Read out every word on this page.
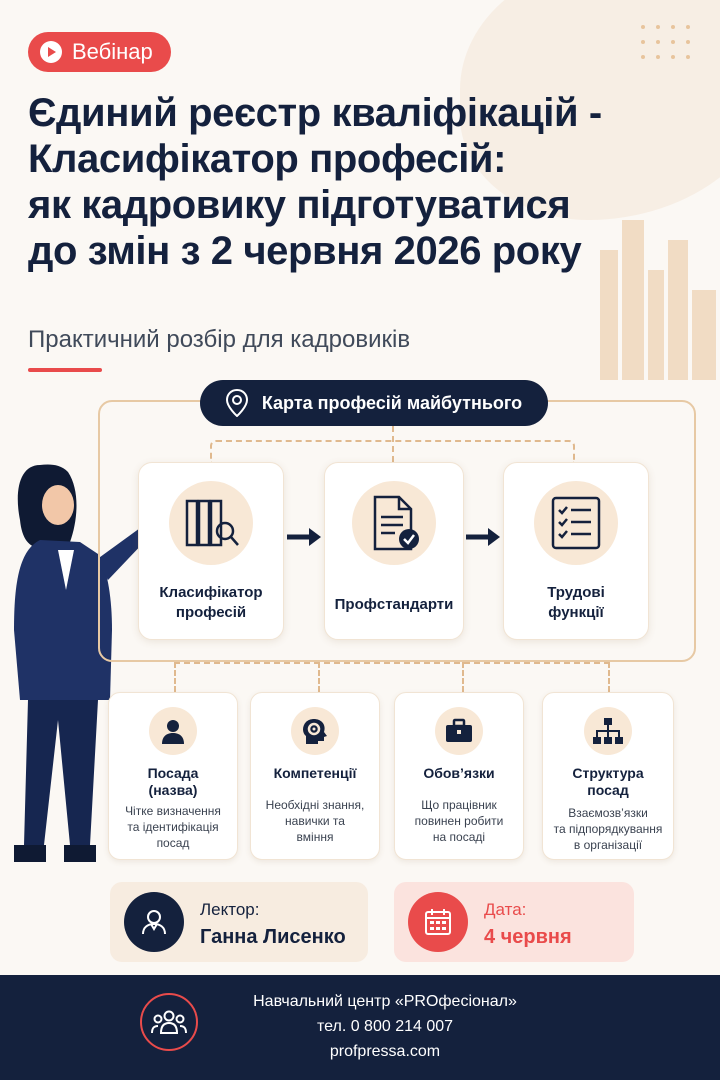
Вебінар
Єдиний реєстр кваліфікацій -
Класифікатор професій:
як кадровику підготуватися
до змін з 2 червня 2026 року
Практичний розбір для кадровиків
Карта професій майбутнього
Класифікатор
професій	Профстандарти
Трудові
функції
Посада
(назва)
Чітке визначення
та ідентифікація
посад
Компетенції
Необхідні знання,
навички та
вміння
Обов’язки
Що працівник
повинен робити
на посаді
Структура
посад
Взаємозв’язки
та підпорядкування
в організації
Лектор:
Ганна Лисенко
Дата:
4 червня
Навчальний центр «PROфесіонал»
тел. 0 800 214 007
profpressa.com
